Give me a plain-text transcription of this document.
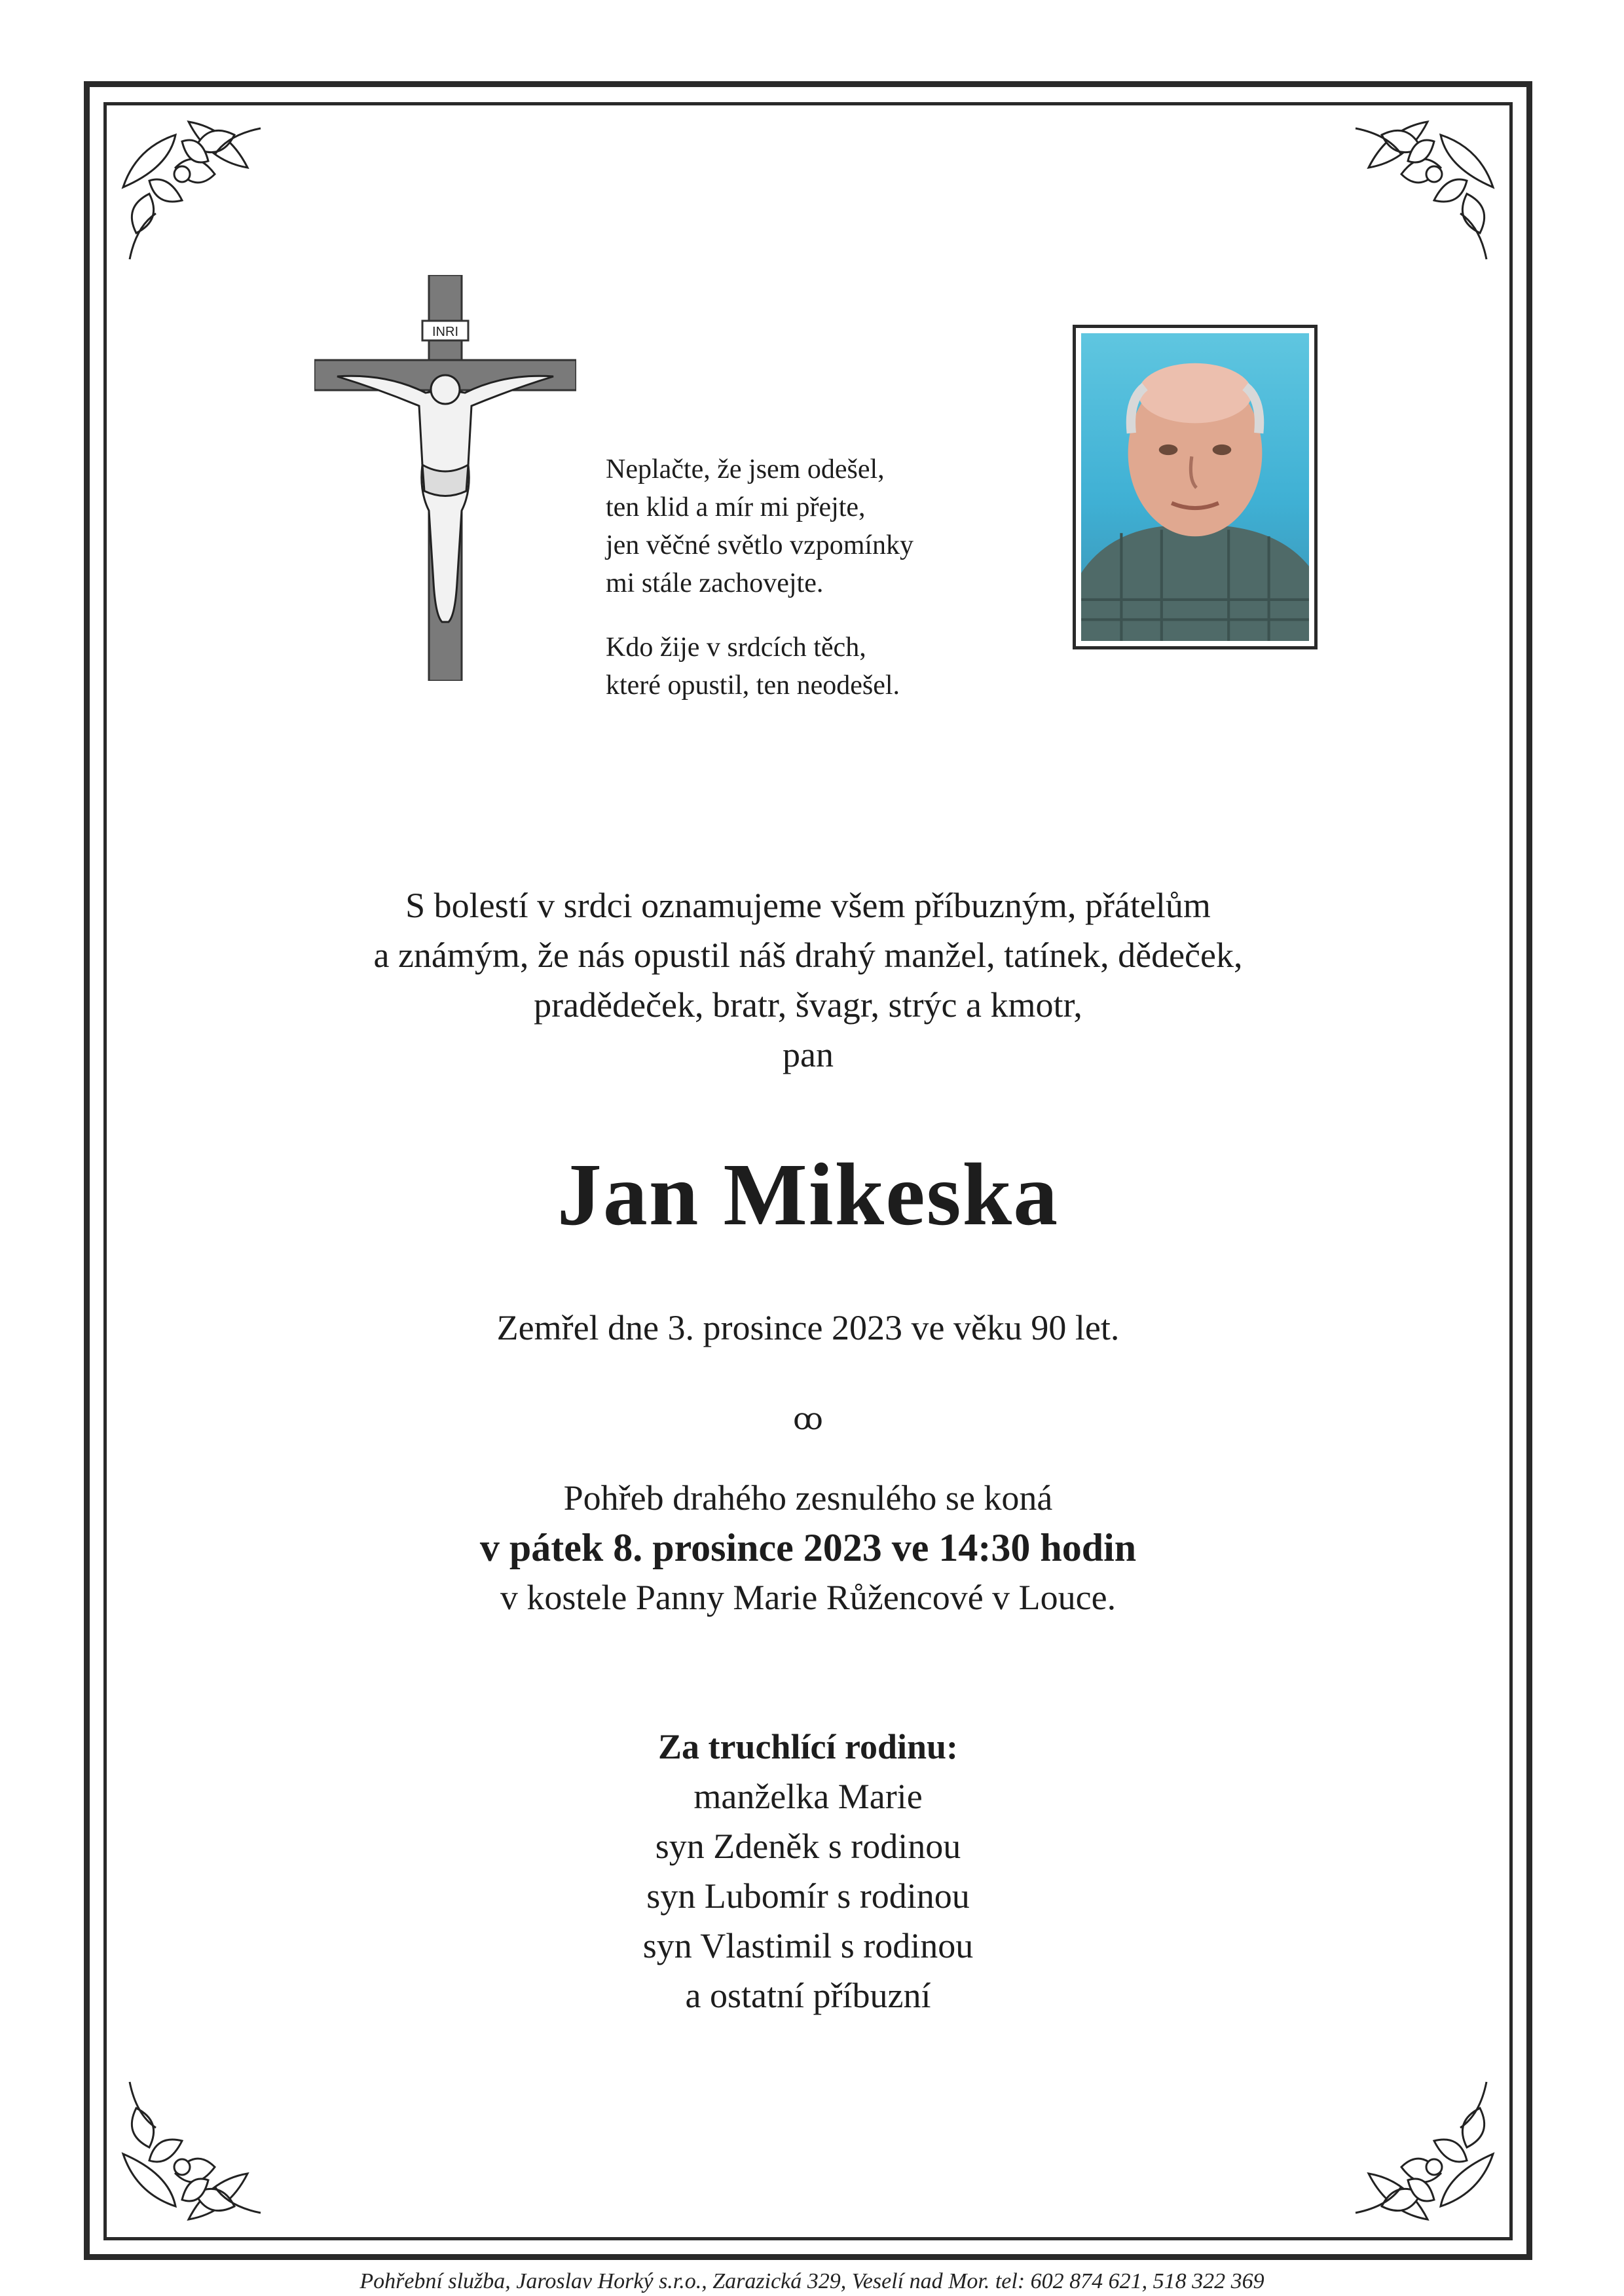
INRI

Neplačte, že jsem odešel,

ten klid a mír mi přejte,

jen věčné světlo vzpomínky

mi stále zachovejte.

Kdo žije v srdcích těch,

které opustil, ten neodešel.

S bolestí v srdci oznamujeme všem příbuzným, přátelům

a známým, že nás opustil náš drahý manžel, tatínek, dědeček,

pradědeček, bratr, švagr, strýc a kmotr,

pan

Jan Mikeska
Zemřel dne 3. prosince 2023 ve věku 90 let.
ꝏ

Pohřeb drahého zesnulého se koná

v pátek 8. prosince 2023 ve 14:30 hodin

v kostele Panny Marie Růžencové v Louce.

Za truchlící rodinu:

manželka Marie

syn Zdeněk s rodinou

syn Lubomír s rodinou

syn Vlastimil s rodinou

a ostatní příbuzní

Pohřební služba, Jaroslav Horký s.r.o., Zarazická 329, Veselí nad Mor. tel: 602 874 621, 518 322 369
